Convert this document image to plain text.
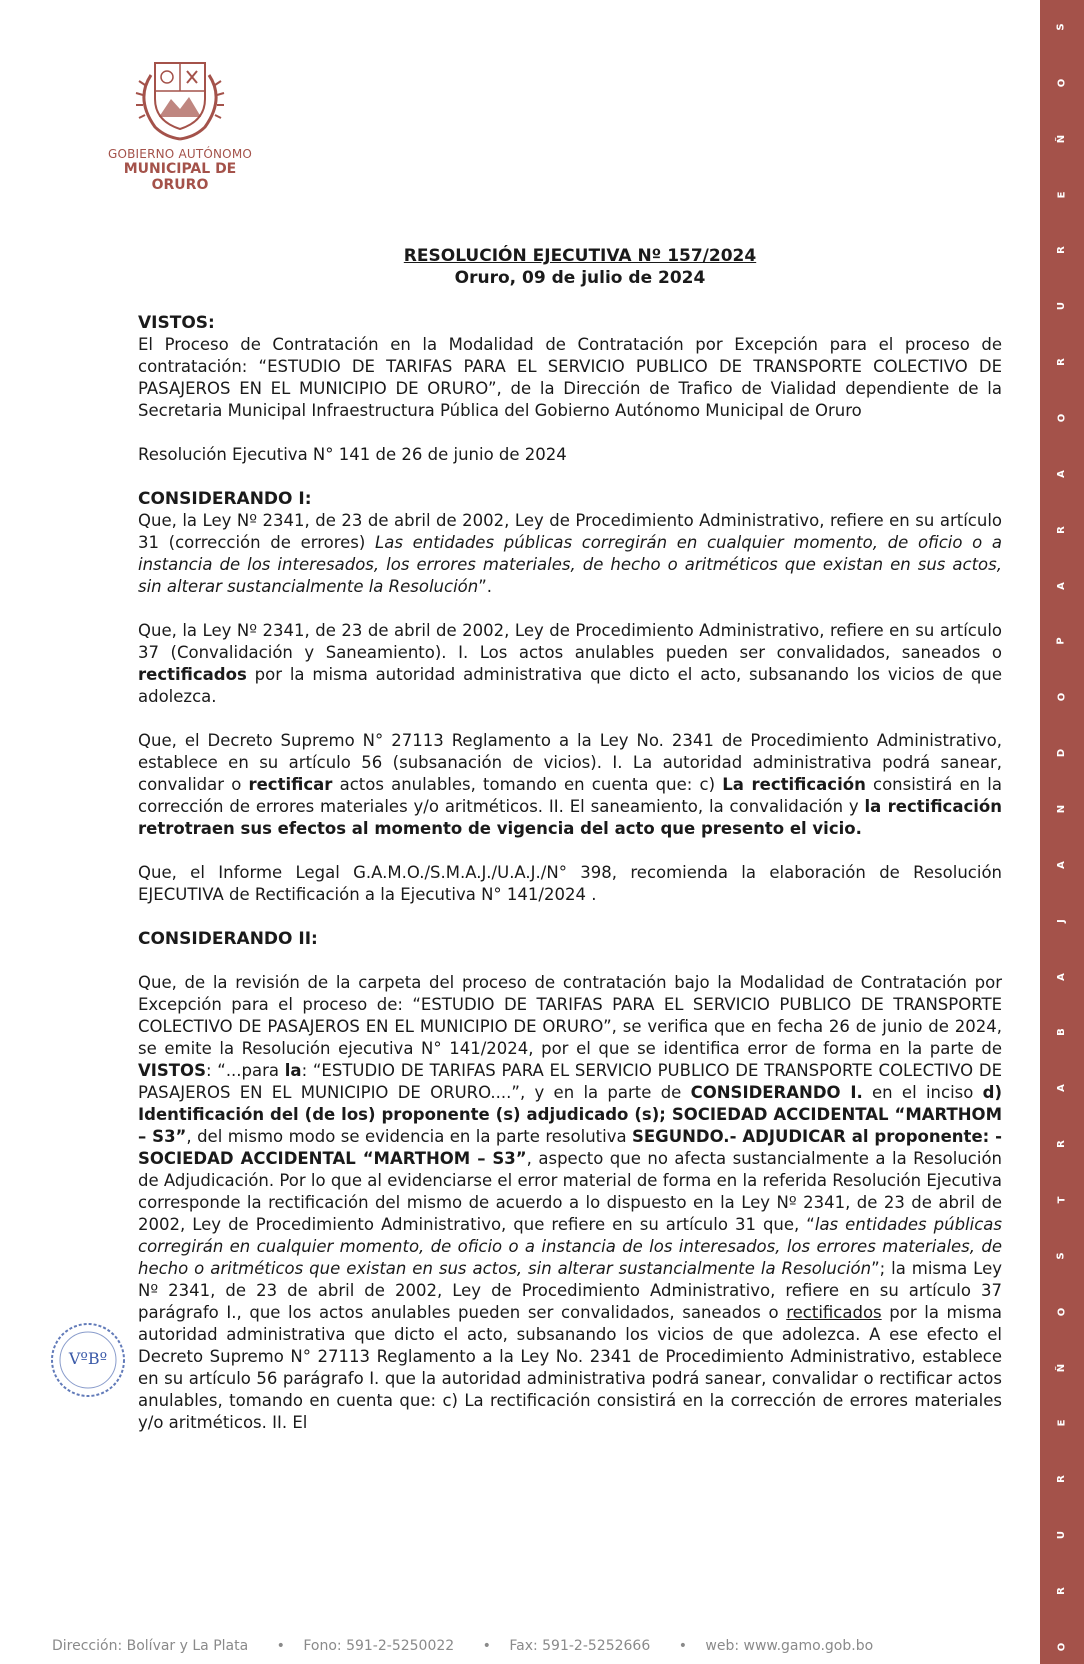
S
O
Ñ
E
R
U
R
O
A
R
A
P
O
D
N
A
J
A
B
A
R
T
S
O
Ñ
E
R
U
R
O
GOBIERNO AUTÓNOMO
MUNICIPAL DE ORURO
RESOLUCIÓN EJECUTIVA Nº 157/2024
Oruro, 09 de julio de 2024

VISTOS:

El Proceso de Contratación en la Modalidad de Contratación por Excepción para el proceso de contratación: “ESTUDIO DE TARIFAS PARA EL SERVICIO PUBLICO DE TRANSPORTE COLECTIVO DE PASAJEROS EN EL MUNICIPIO DE ORURO”, de la Dirección de Trafico de Vialidad dependiente de la Secretaria Municipal Infraestructura Pública del Gobierno Autónomo Municipal de Oruro

Resolución Ejecutiva N° 141 de 26 de junio de 2024

CONSIDERANDO I:

Que, la Ley Nº 2341, de 23 de abril de 2002, Ley de Procedimiento Administrativo, refiere en su artículo 31 (corrección de errores) Las entidades públicas corregirán en cualquier momento, de oficio o a instancia de los interesados, los errores materiales, de hecho o aritméticos que existan en sus actos, sin alterar sustancialmente la Resolución”.

Que, la Ley Nº 2341, de 23 de abril de 2002, Ley de Procedimiento Administrativo, refiere en su artículo 37 (Convalidación y Saneamiento). I. Los actos anulables pueden ser convalidados, saneados o rectificados por la misma autoridad administrativa que dicto el acto, subsanando los vicios de que adolezca.

Que, el Decreto Supremo N° 27113 Reglamento a la Ley No. 2341 de Procedimiento Administrativo, establece en su artículo 56 (subsanación de vicios). I. La autoridad administrativa podrá sanear, convalidar o rectificar actos anulables, tomando en cuenta que: c) La rectificación consistirá en la corrección de errores materiales y/o aritméticos. II. El saneamiento, la convalidación y la rectificación retrotraen sus efectos al momento de vigencia del acto que presento el vicio.

Que, el Informe Legal G.A.M.O./S.M.A.J./U.A.J./N° 398, recomienda la elaboración de Resolución EJECUTIVA de Rectificación a la Ejecutiva N° 141/2024 .

CONSIDERANDO II:

Que, de la revisión de la carpeta del proceso de contratación bajo la Modalidad de Contratación por Excepción para el proceso de: “ESTUDIO DE TARIFAS PARA EL SERVICIO PUBLICO DE TRANSPORTE COLECTIVO DE PASAJEROS EN EL MUNICIPIO DE ORURO”, se verifica que en fecha 26 de junio de 2024, se emite la Resolución ejecutiva N° 141/2024, por el que se identifica error de forma en la parte de VISTOS: “...para la: “ESTUDIO DE TARIFAS PARA EL SERVICIO PUBLICO DE TRANSPORTE COLECTIVO DE PASAJEROS EN EL MUNICIPIO DE ORURO....”, y en la parte de CONSIDERANDO I. en el inciso d) Identificación del (de los) proponente (s) adjudicado (s); SOCIEDAD ACCIDENTAL “MARTHOM – S3”, del mismo modo se evidencia en la parte resolutiva SEGUNDO.- ADJUDICAR al proponente: - SOCIEDAD ACCIDENTAL “MARTHOM – S3”, aspecto que no afecta sustancialmente a la Resolución de Adjudicación. Por lo que al evidenciarse el error material de forma en la referida Resolución Ejecutiva corresponde la rectificación del mismo de acuerdo a lo dispuesto en la Ley Nº 2341, de 23 de abril de 2002, Ley de Procedimiento Administrativo, que refiere en su artículo 31 que, “las entidades públicas corregirán en cualquier momento, de oficio o a instancia de los interesados, los errores materiales, de hecho o aritméticos que existan en sus actos, sin alterar sustancialmente la Resolución”; la misma Ley Nº 2341, de 23 de abril de 2002, Ley de Procedimiento Administrativo, refiere en su artículo 37 parágrafo I., que los actos anulables pueden ser convalidados, saneados o rectificados por la misma autoridad administrativa que dicto el acto, subsanando los vicios de que adolezca. A ese efecto el Decreto Supremo N° 27113 Reglamento a la Ley No. 2341 de Procedimiento Administrativo, establece en su artículo 56 parágrafo I. que la autoridad administrativa podrá sanear, convalidar o rectificar actos anulables, tomando en cuenta que: c) La rectificación consistirá en la corrección de errores materiales y/o aritméticos. II. El

VºBº
Dirección: Bolívar y La Plata • Fono: 591-2-5250022 • Fax: 591-2-5252666 • web: www.gamo.gob.bo
